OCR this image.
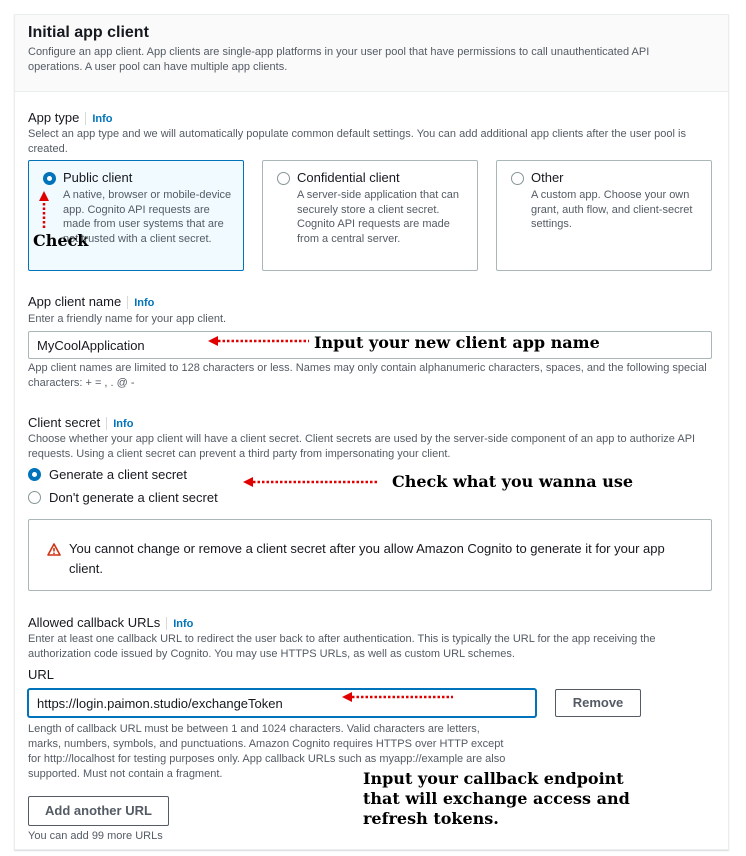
Initial app client
Configure an app client. App clients are single-app platforms in your user pool that have permissions to call unauthenticated API operations. A user pool can have multiple app clients.
App type Info
Select an app type and we will automatically populate common default settings. You can add additional app clients after the user pool is created.
Public client
A native, browser or mobile-device app. Cognito API requests are made from user systems that are not trusted with a client secret.
Confidential client
A server-side application that can securely store a client secret. Cognito API requests are made from a central server.
Other
A custom app. Choose your own grant, auth flow, and client-secret settings.
App client name Info
Enter a friendly name for your app client.
MyCoolApplication
App client names are limited to 128 characters or less. Names may only contain alphanumeric characters, spaces, and the following special characters: + = , . @ -
Client secret Info
Choose whether your app client will have a client secret. Client secrets are used by the server-side component of an app to authorize API requests. Using a client secret can prevent a third party from impersonating your client.
Generate a client secret
Don't generate a client secret
You cannot change or remove a client secret after you allow Amazon Cognito to generate it for your app client.
Allowed callback URLs Info
Enter at least one callback URL to redirect the user back to after authentication. This is typically the URL for the app receiving the authorization code issued by Cognito. You may use HTTPS URLs, as well as custom URL schemes.
URL
https://login.paimon.studio/exchangeToken	Remove
Length of callback URL must be between 1 and 1024 characters. Valid characters are letters, marks, numbers, symbols, and punctuations. Amazon Cognito requires HTTPS over HTTP except for http://localhost for testing purposes only. App callback URLs such as myapp://example are also supported. Must not contain a fragment.
Add another URL
You can add 99 more URLs
Check
Input your new client app name
Check what you wanna use
Input your callback endpoint
that will exchange access and
refresh tokens.
